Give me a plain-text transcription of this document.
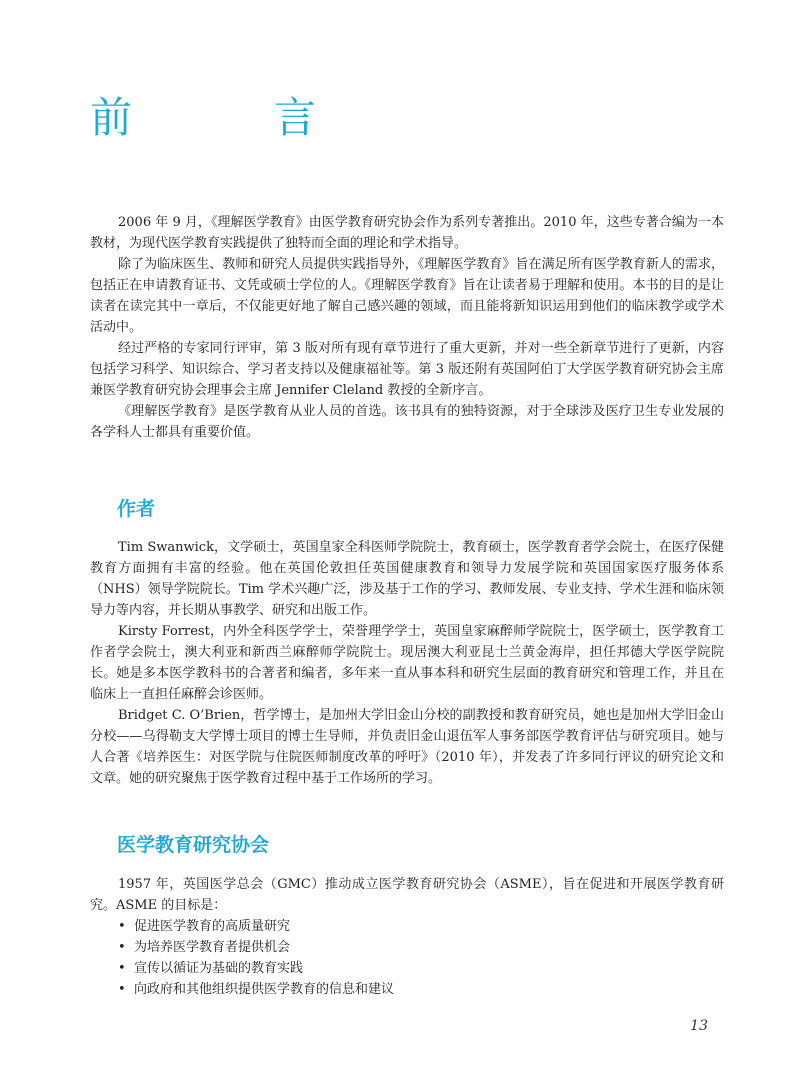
前　言

2006 年 9 月，《理解医学教育》由医学教育研究协会作为系列专著推出。2010 年，这些专著合编为一本教材，为现代医学教育实践提供了独特而全面的理论和学术指导。

除了为临床医生、教师和研究人员提供实践指导外，《理解医学教育》旨在满足所有医学教育新人的需求，包括正在申请教育证书、文凭或硕士学位的人。《理解医学教育》旨在让读者易于理解和使用。本书的目的是让读者在读完其中一章后，不仅能更好地了解自己感兴趣的领域，而且能将新知识运用到他们的临床教学或学术活动中。

经过严格的专家同行评审，第 3 版对所有现有章节进行了重大更新，并对一些全新章节进行了更新，内容包括学习科学、知识综合、学习者支持以及健康福祉等。第 3 版还附有英国阿伯丁大学医学教育研究协会主席兼医学教育研究协会理事会主席 Jennifer Cleland 教授的全新序言。

《理解医学教育》是医学教育从业人员的首选。该书具有的独特资源，对于全球涉及医疗卫生专业发展的各学科人士都具有重要价值。

作者

Tim Swanwick，文学硕士，英国皇家全科医师学院院士，教育硕士，医学教育者学会院士，在医疗保健教育方面拥有丰富的经验。他在英国伦敦担任英国健康教育和领导力发展学院和英国国家医疗服务体系（NHS）领导学院院长。Tim 学术兴趣广泛，涉及基于工作的学习、教师发展、专业支持、学术生涯和临床领导力等内容，并长期从事教学、研究和出版工作。

Kirsty Forrest，内外全科医学学士，荣誉理学学士，英国皇家麻醉师学院院士，医学硕士，医学教育工作者学会院士，澳大利亚和新西兰麻醉师学院院士。现居澳大利亚昆士兰黄金海岸，担任邦德大学医学院院长。她是多本医学教科书的合著者和编者，多年来一直从事本科和研究生层面的教育研究和管理工作，并且在临床上一直担任麻醉会诊医师。

Bridget C. O’Brien，哲学博士，是加州大学旧金山分校的副教授和教育研究员，她也是加州大学旧金山分校——乌得勒支大学博士项目的博士生导师，并负责旧金山退伍军人事务部医学教育评估与研究项目。她与人合著《培养医生：对医学院与住院医师制度改革的呼吁》（2010 年），并发表了许多同行评议的研究论文和文章。她的研究聚焦于医学教育过程中基于工作场所的学习。

医学教育研究协会

1957 年，英国医学总会（GMC）推动成立医学教育研究协会（ASME），旨在促进和开展医学教育研究。ASME 的目标是：

• 促进医学教育的高质量研究
• 为培养医学教育者提供机会
• 宣传以循证为基础的教育实践
• 向政府和其他组织提供医学教育的信息和建议
13
